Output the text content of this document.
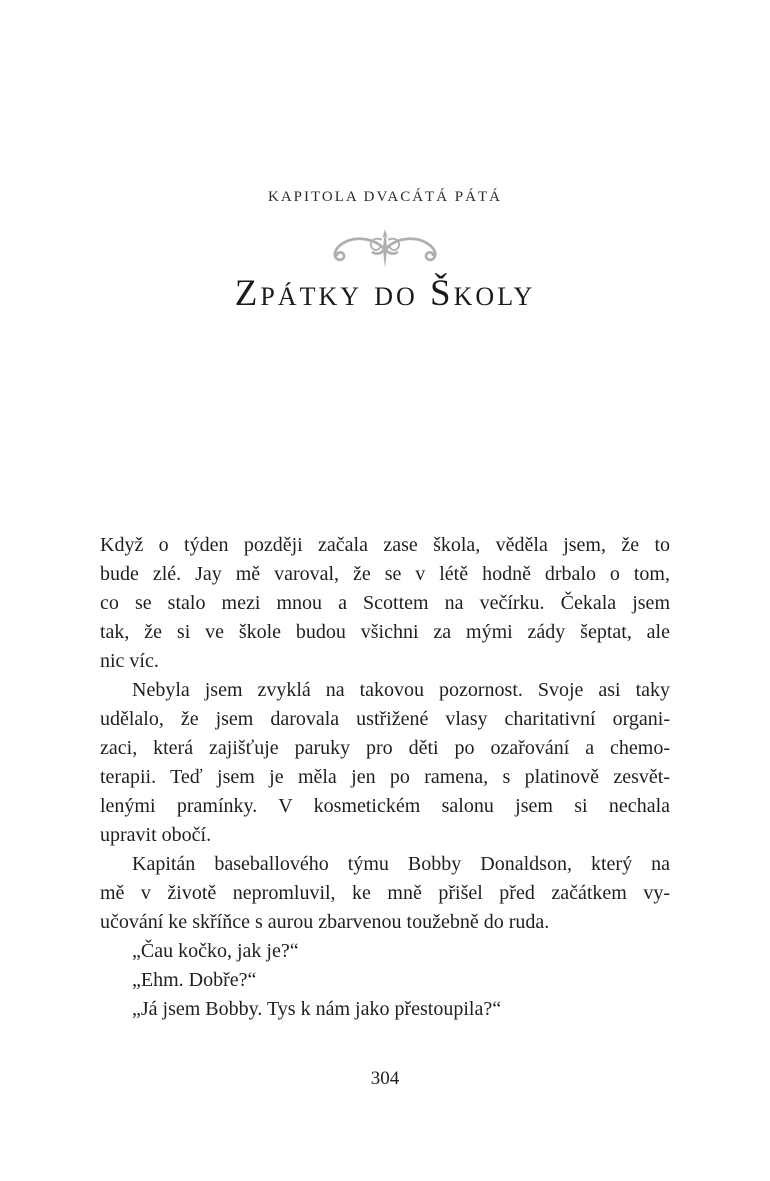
KAPITOLA DVACÁTÁ PÁTÁ
Zpátky do Školy
Když o týden později začala zase škola, věděla jsem, že to
bude zlé. Jay mě varoval, že se v létě hodně drbalo o tom,
co se stalo mezi mnou a Scottem na večírku. Čekala jsem
tak, že si ve škole budou všichni za mými zády šeptat, ale
nic víc.
Nebyla jsem zvyklá na takovou pozornost. Svoje asi taky
udělalo, že jsem darovala ustřižené vlasy charitativní organi-
zaci, která zajišťuje paruky pro děti po ozařování a chemo-
terapii. Teď jsem je měla jen po ramena, s platinově zesvět-
lenými pramínky. V kosmetickém salonu jsem si nechala
upravit obočí.
Kapitán baseballového týmu Bobby Donaldson, který na
mě v životě nepromluvil, ke mně přišel před začátkem vy-
učování ke skříňce s aurou zbarvenou toužebně do ruda.
„Čau kočko, jak je?“
„Ehm. Dobře?“
„Já jsem Bobby. Tys k nám jako přestoupila?“
304
